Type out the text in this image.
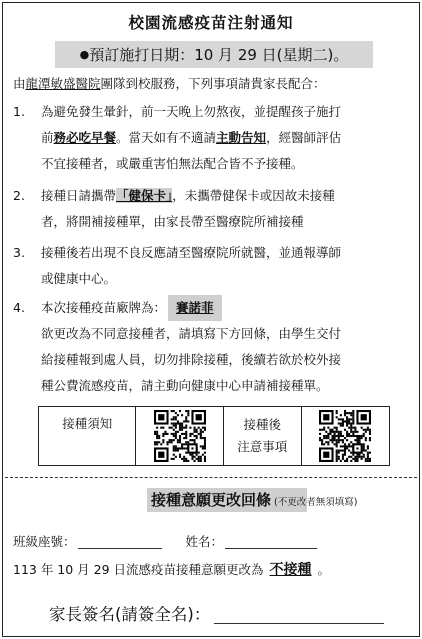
校園流感疫苗注射通知
●預訂施打日期：10 月 29 日(星期二)。
由龍潭敏盛醫院團隊到校服務，下列事項請貴家長配合：
1.	為避免發生暈針，前一天晚上勿熬夜，並提醒孩子施打
前務必吃早餐。當天如有不適請主動告知，經醫師評估
不宜接種者，或嚴重害怕無法配合皆不予接種。
2.	接種日請攜帶「健保卡」，未攜帶健保卡或因故未接種
者，將開補接種單，由家長帶至醫療院所補接種
3.	接種後若出現不良反應請至醫療院所就醫，並通報導師
或健康中心。
4.	本次接種疫苗廠牌為： 賽諾菲
欲更改為不同意接種者，請填寫下方回條，由學生交付
給接種報到處人員，切勿排除接種，後續若欲於校外接
種公費流感疫苗，請主動向健康中心申請補接種單。
接種須知	接種後
注意事項
接種意願更改回條 (不更改者無須填寫)
班級座號：	姓名：
113 年 10 月 29 日流感疫苗接種意願更改為 不接種 。
家長簽名(請簽全名)：
